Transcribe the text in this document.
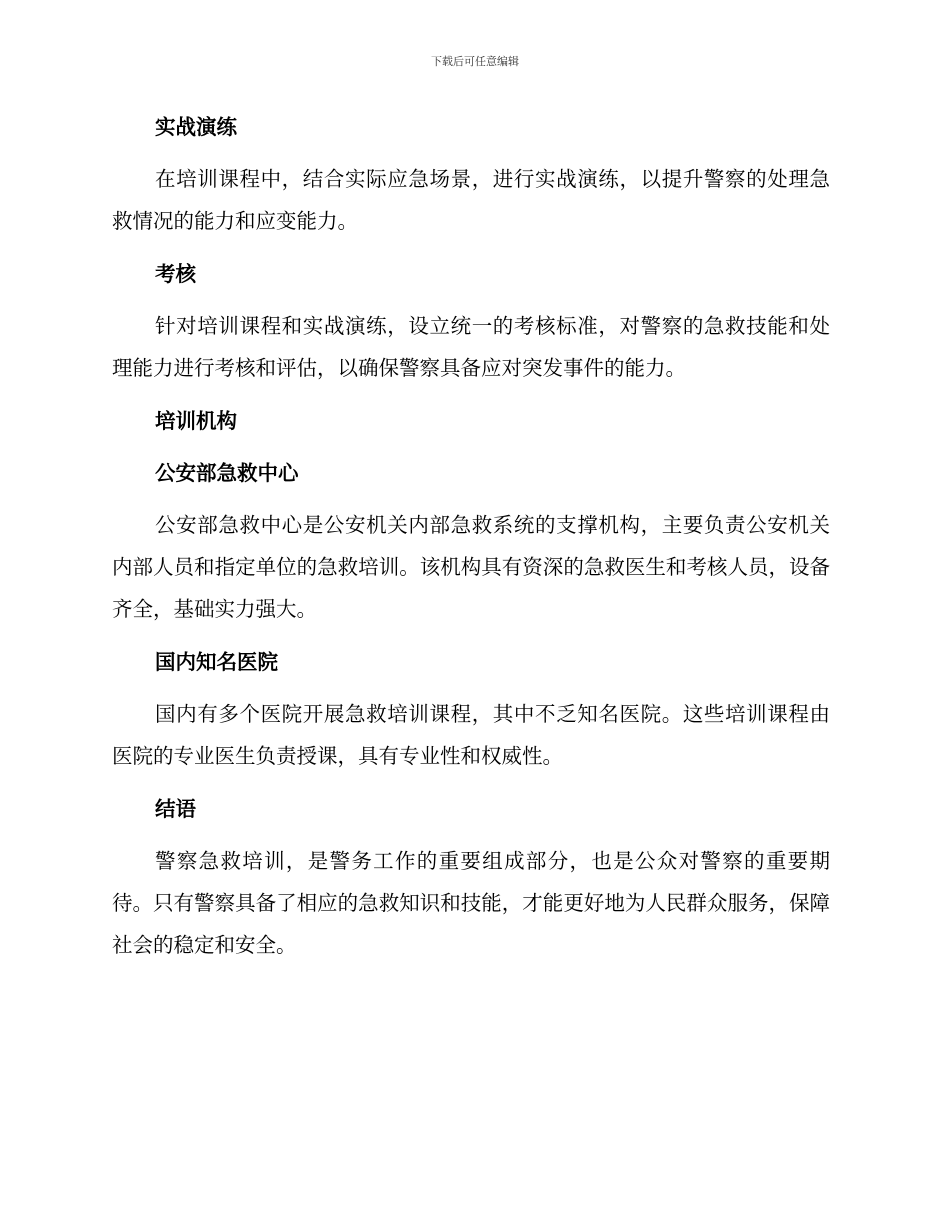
下载后可任意编辑
实战演练

在培训课程中，结合实际应急场景，进行实战演练，以提升警察的处理急救情况的能力和应变能力。

考核

针对培训课程和实战演练，设立统一的考核标准，对警察的急救技能和处理能力进行考核和评估，以确保警察具备应对突发事件的能力。

培训机构
公安部急救中心

公安部急救中心是公安机关内部急救系统的支撑机构，主要负责公安机关内部人员和指定单位的急救培训。该机构具有资深的急救医生和考核人员，设备齐全，基础实力强大。

国内知名医院

国内有多个医院开展急救培训课程，其中不乏知名医院。这些培训课程由医院的专业医生负责授课，具有专业性和权威性。

结语

警察急救培训，是警务工作的重要组成部分，也是公众对警察的重要期待。只有警察具备了相应的急救知识和技能，才能更好地为人民群众服务，保障社会的稳定和安全。
